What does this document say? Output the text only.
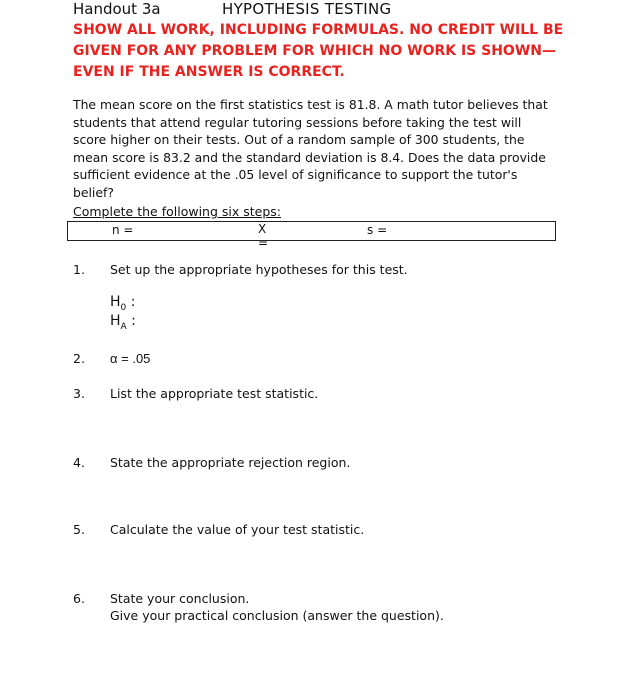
Handout 3a	HYPOTHESIS TESTING
SHOW ALL WORK, INCLUDING FORMULAS. NO CREDIT WILL BE GIVEN FOR ANY PROBLEM FOR WHICH NO WORK IS SHOWN—EVEN IF THE ANSWER IS CORRECT.
The mean score on the first statistics test is 81.8. A math tutor believes that students that attend regular tutoring sessions before taking the test will score higher on their tests. Out of a random sample of 300 students, the mean score is 83.2 and the standard deviation is 8.4. Does the data provide sufficient evidence at the .05 level of significance to support the tutor's belief?
Complete the following six steps:
n =	X =
s =
1. Set up the appropriate hypotheses for this test.
$H_0$ :
$H_A$ :
2. α = .05
3. List the appropriate test statistic.
4. State the appropriate rejection region.
5. Calculate the value of your test statistic.
6. State your conclusion.
Give your practical conclusion (answer the question).
